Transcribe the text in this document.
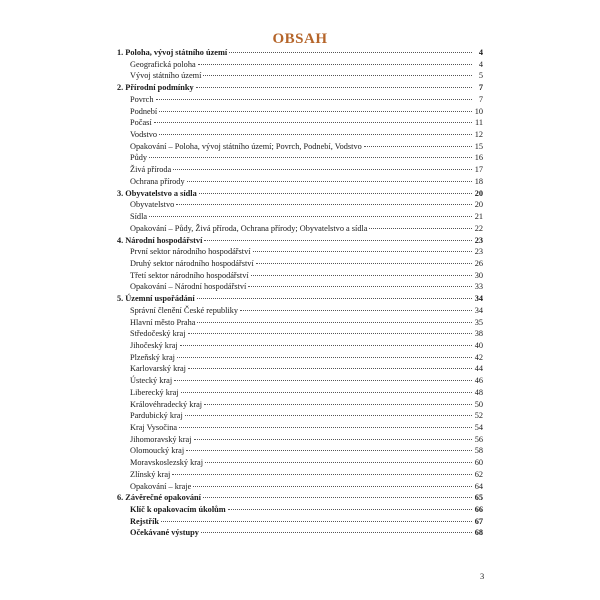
OBSAH
1. Poloha, vývoj státního území	4
Geografická poloha	4
Vývoj státního území	5
2. Přírodní podmínky	7
Povrch	7
Podnebí	10
Počasí	11
Vodstvo	12
Opakování – Poloha, vývoj státního území; Povrch, Podnebí, Vodstvo	15
Půdy	16
Živá příroda	17
Ochrana přírody	18
3. Obyvatelstvo a sídla	20
Obyvatelstvo	20
Sídla	21
Opakování – Půdy, Živá příroda, Ochrana přírody; Obyvatelstvo a sídla	22
4. Národní hospodářství	23
První sektor národního hospodářství	23
Druhý sektor národního hospodářství	26
Třetí sektor národního hospodářství	30
Opakování – Národní hospodářství	33
5. Územní uspořádání	34
Správní členění České republiky	34
Hlavní město Praha	35
Středočeský kraj	38
Jihočeský kraj	40
Plzeňský kraj	42
Karlovarský kraj	44
Ústecký kraj	46
Liberecký kraj	48
Královéhradecký kraj	50
Pardubický kraj	52
Kraj Vysočina	54
Jihomoravský kraj	56
Olomoucký kraj	58
Moravskoslezský kraj	60
Zlínský kraj	62
Opakování – kraje	64
6. Závěrečné opakování	65
Klíč k opakovacím úkolům	66
Rejstřík	67
Očekávané výstupy	68
3
